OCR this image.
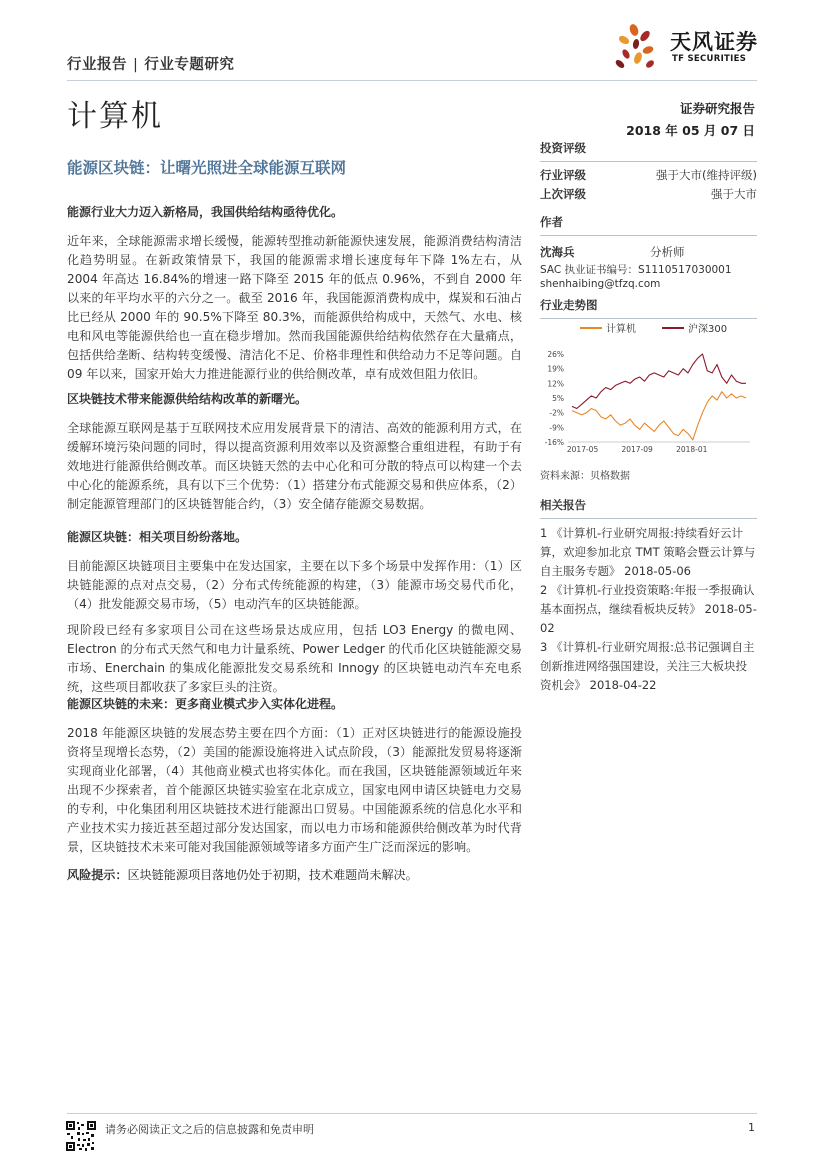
行业报告 | 行业专题研究
天风证券
TF SECURITIES
计算机	证券研究报告
2018 年 05 月 07 日
能源区块链：让曙光照进全球能源互联网
投资评级
行业评级	强于大市(维持评级)
上次评级	强于大市
作者
沈海兵	分析师
SAC 执业证书编号：S1110517030001
shenhaibing@tfzq.com
行业走势图
计算机	沪深300
26%
19%
12%
5%
-2%
-9%
-16%
2017-05	2017-09	2018-01
资料来源：贝格数据
相关报告
1 《计算机-行业研究周报:持续看好云计算，欢迎参加北京 TMT 策略会暨云计算与自主服务专题》 2018-05-06
2 《计算机-行业投资策略:年报一季报确认基本面拐点，继续看板块反转》 2018-05-02
3 《计算机-行业研究周报:总书记强调自主创新推进网络强国建设，关注三大板块投资机会》 2018-04-22
能源行业大力迈入新格局，我国供给结构亟待优化。
近年来，全球能源需求增长缓慢，能源转型推动新能源快速发展，能源消费结构清洁化趋势明显。在新政策情景下，我国的能源需求增长速度每年下降 1%左右，从 2004 年高达 16.84%的增速一路下降至 2015 年的低点 0.96%，不到自 2000 年以来的年平均水平的六分之一。截至 2016 年，我国能源消费构成中，煤炭和石油占比已经从 2000 年的 90.5%下降至 80.3%，而能源供给构成中，天然气、水电、核电和风电等能源供给也一直在稳步增加。然而我国能源供给结构依然存在大量痛点，包括供给垄断、结构转变缓慢、清洁化不足、价格非理性和供给动力不足等问题。自 09 年以来，国家开始大力推进能源行业的供给侧改革，卓有成效但阻力依旧。
区块链技术带来能源供给结构改革的新曙光。
全球能源互联网是基于互联网技术应用发展背景下的清洁、高效的能源利用方式，在缓解环境污染问题的同时，得以提高资源利用效率以及资源整合重组进程，有助于有效地进行能源供给侧改革。而区块链天然的去中心化和可分散的特点可以构建一个去中心化的能源系统，具有以下三个优势：（1）搭建分布式能源交易和供应体系，（2）制定能源管理部门的区块链智能合约，（3）安全储存能源交易数据。
能源区块链：相关项目纷纷落地。
目前能源区块链项目主要集中在发达国家，主要在以下多个场景中发挥作用：（1）区块链能源的点对点交易，（2）分布式传统能源的构建，（3）能源市场交易代币化，（4）批发能源交易市场，（5）电动汽车的区块链能源。
现阶段已经有多家项目公司在这些场景达成应用，包括 LO3 Energy 的微电网、Electron 的分布式天然气和电力计量系统、Power Ledger 的代币化区块链能源交易市场、Enerchain 的集成化能源批发交易系统和 Innogy 的区块链电动汽车充电系统，这些项目都收获了多家巨头的注资。
能源区块链的未来：更多商业模式步入实体化进程。
2018 年能源区块链的发展态势主要在四个方面：（1）正对区块链进行的能源设施投资将呈现增长态势，（2）美国的能源设施将进入试点阶段，（3）能源批发贸易将逐渐实现商业化部署，（4）其他商业模式也将实体化。而在我国，区块链能源领域近年来出现不少探索者，首个能源区块链实验室在北京成立，国家电网申请区块链电力交易的专利，中化集团利用区块链技术进行能源出口贸易。中国能源系统的信息化水平和产业技术实力接近甚至超过部分发达国家，而以电力市场和能源供给侧改革为时代背景，区块链技术未来可能对我国能源领域等诸多方面产生广泛而深远的影响。
风险提示：区块链能源项目落地仍处于初期，技术难题尚未解决。
请务必阅读正文之后的信息披露和免责申明	1
